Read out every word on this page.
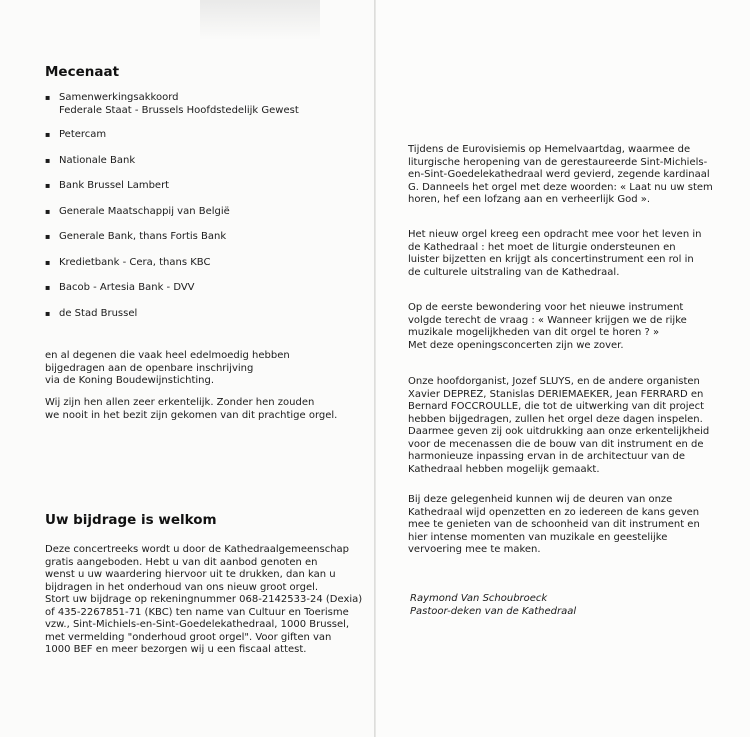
Mecenaat
▪ Samenwerkingsakkoord
Federale Staat - Brussels Hoofdstedelijk Gewest
▪ Petercam
▪ Nationale Bank
▪ Bank Brussel Lambert
▪ Generale Maatschappij van België
▪ Generale Bank, thans Fortis Bank
▪ Kredietbank - Cera, thans KBC
▪ Bacob - Artesia Bank - DVV
▪ de Stad Brussel

en al degenen die vaak heel edelmoedig hebben
bijgedragen aan de openbare inschrijving
via de Koning Boudewijnstichting.

Wij zijn hen allen zeer erkentelijk. Zonder hen zouden
we nooit in het bezit zijn gekomen van dit prachtige orgel.

Uw bijdrage is welkom

Deze concertreeks wordt u door de Kathedraalgemeenschap
gratis aangeboden. Hebt u van dit aanbod genoten en
wenst u uw waardering hiervoor uit te drukken, dan kan u
bijdragen in het onderhoud van ons nieuw groot orgel.
Stort uw bijdrage op rekeningnummer 068-2142533-24 (Dexia)
of 435-2267851-71 (KBC) ten name van Cultuur en Toerisme
vzw., Sint-Michiels-en-Sint-Goedelekathedraal, 1000 Brussel,
met vermelding "onderhoud groot orgel". Voor giften van
1000 BEF en meer bezorgen wij u een fiscaal attest.

Tijdens de Eurovisiemis op Hemelvaartdag, waarmee de
liturgische heropening van de gerestaureerde Sint-Michiels-
en-Sint-Goedelekathedraal werd gevierd, zegende kardinaal
G. Danneels het orgel met deze woorden: « Laat nu uw stem
horen, hef een lofzang aan en verheerlijk God ».

Het nieuw orgel kreeg een opdracht mee voor het leven in
de Kathedraal : het moet de liturgie ondersteunen en
luister bijzetten en krijgt als concertinstrument een rol in
de culturele uitstraling van de Kathedraal.

Op de eerste bewondering voor het nieuwe instrument
volgde terecht de vraag : « Wanneer krijgen we de rijke
muzikale mogelijkheden van dit orgel te horen ? »
Met deze openingsconcerten zijn we zover.

Onze hoofdorganist, Jozef SLUYS, en de andere organisten
Xavier DEPREZ, Stanislas DERIEMAEKER, Jean FERRARD en
Bernard FOCCROULLE, die tot de uitwerking van dit project
hebben bijgedragen, zullen het orgel deze dagen inspelen.
Daarmee geven zij ook uitdrukking aan onze erkentelijkheid
voor de mecenassen die de bouw van dit instrument en de
harmonieuze inpassing ervan in de architectuur van de
Kathedraal hebben mogelijk gemaakt.

Bij deze gelegenheid kunnen wij de deuren van onze
Kathedraal wijd openzetten en zo iedereen de kans geven
mee te genieten van de schoonheid van dit instrument en
hier intense momenten van muzikale en geestelijke
vervoering mee te maken.

Raymond Van Schoubroeck

Pastoor-deken van de Kathedraal
